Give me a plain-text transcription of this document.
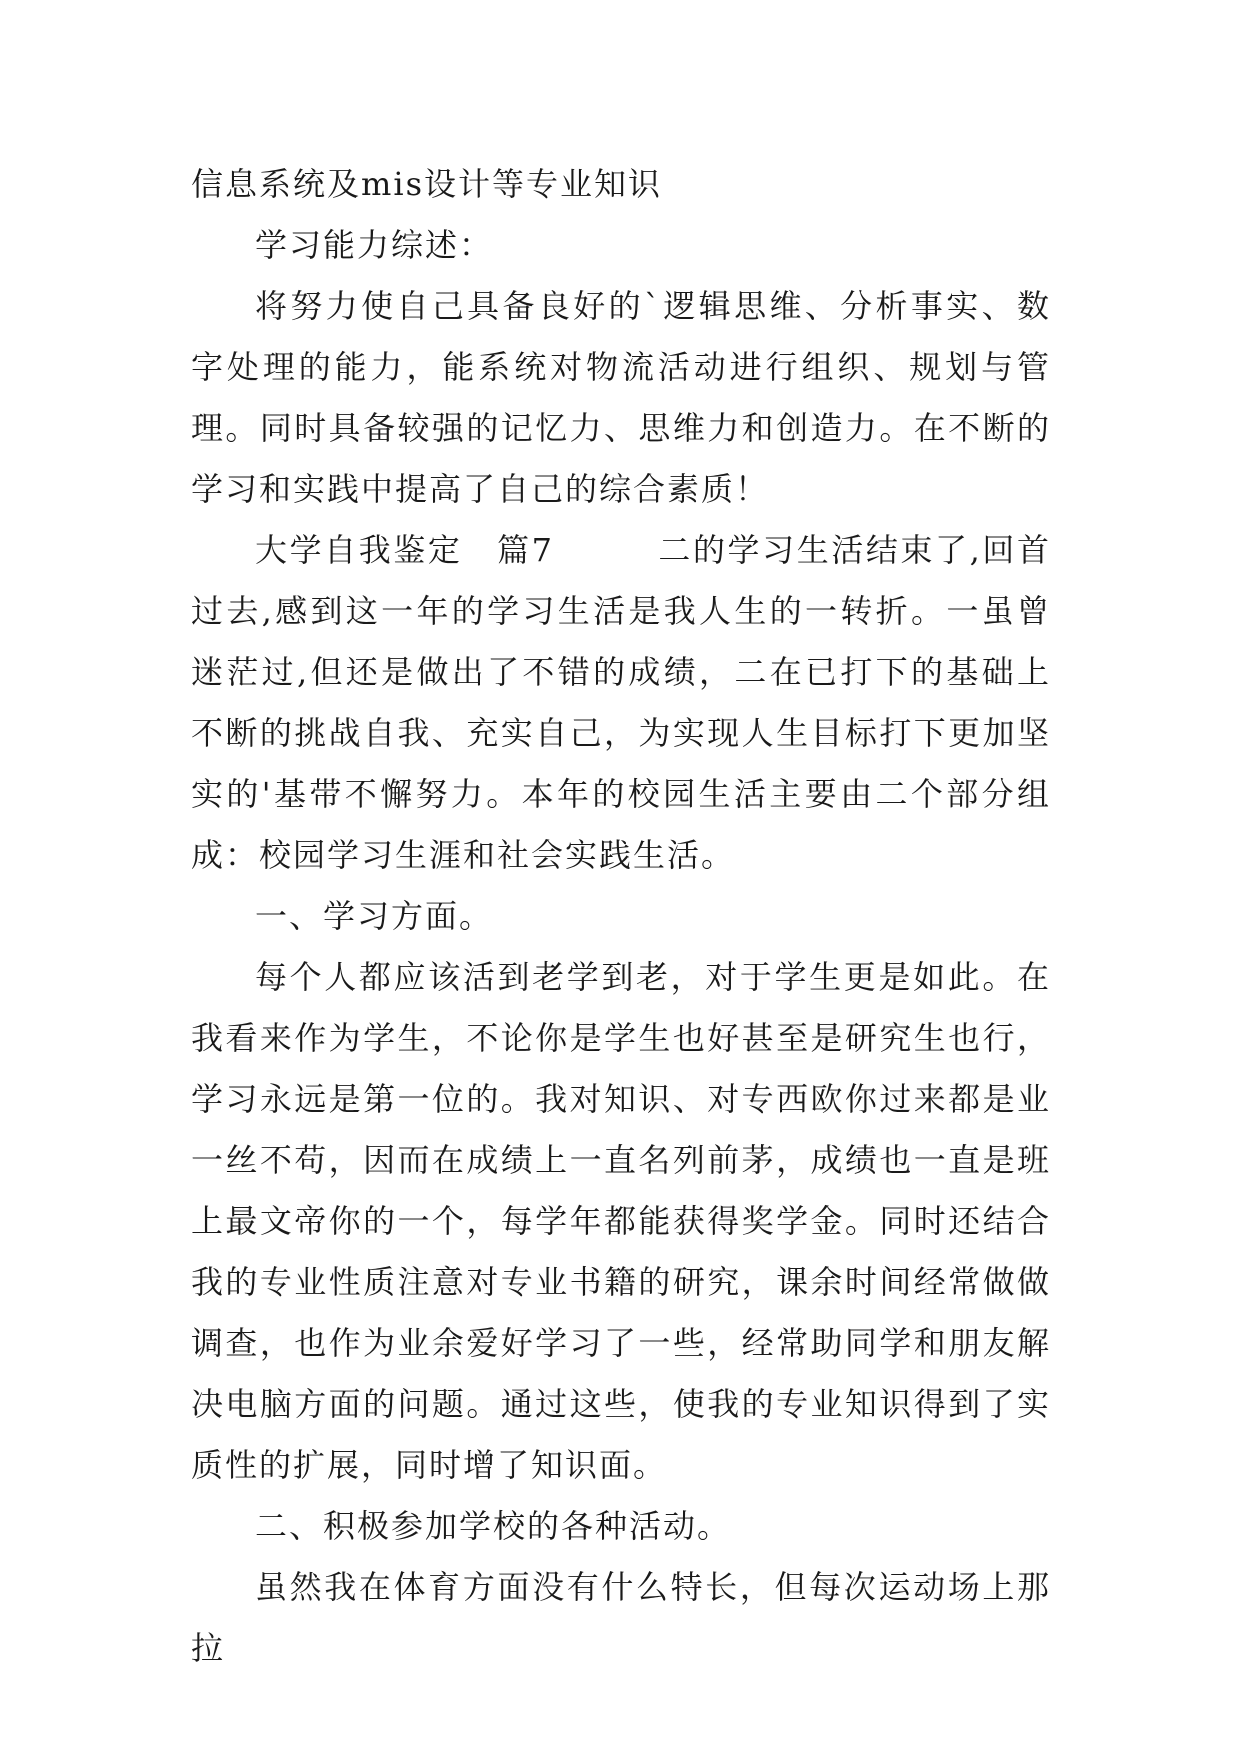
信息系统及mis设计等专业知识

学习能力综述：

将努力使自己具备良好的`逻辑思维、分析事实、数字处理的能力，能系统对物流活动进行组织、规划与管理。同时具备较强的记忆力、思维力和创造力。在不断的学习和实践中提高了自己的综合素质！

大学自我鉴定　篇7　　　二的学习生活结束了,回首过去,感到这一年的学习生活是我人生的一转折。一虽曾迷茫过,但还是做出了不错的成绩，二在已打下的基础上不断的挑战自我、充实自己，为实现人生目标打下更加坚实的'基带不懈努力。本年的校园生活主要由二个部分组成：校园学习生涯和社会实践生活。

一、学习方面。

每个人都应该活到老学到老，对于学生更是如此。在我看来作为学生，不论你是学生也好甚至是研究生也行，学习永远是第一位的。我对知识、对专西欧你过来都是业一丝不苟，因而在成绩上一直名列前茅，成绩也一直是班上最文帝你的一个，每学年都能获得奖学金。同时还结合我的专业性质注意对专业书籍的研究，课余时间经常做做调查，也作为业余爱好学习了一些，经常助同学和朋友解决电脑方面的问题。通过这些，使我的专业知识得到了实质性的扩展，同时增了知识面。

二、积极参加学校的各种活动。

虽然我在体育方面没有什么特长，但每次运动场上那拉
